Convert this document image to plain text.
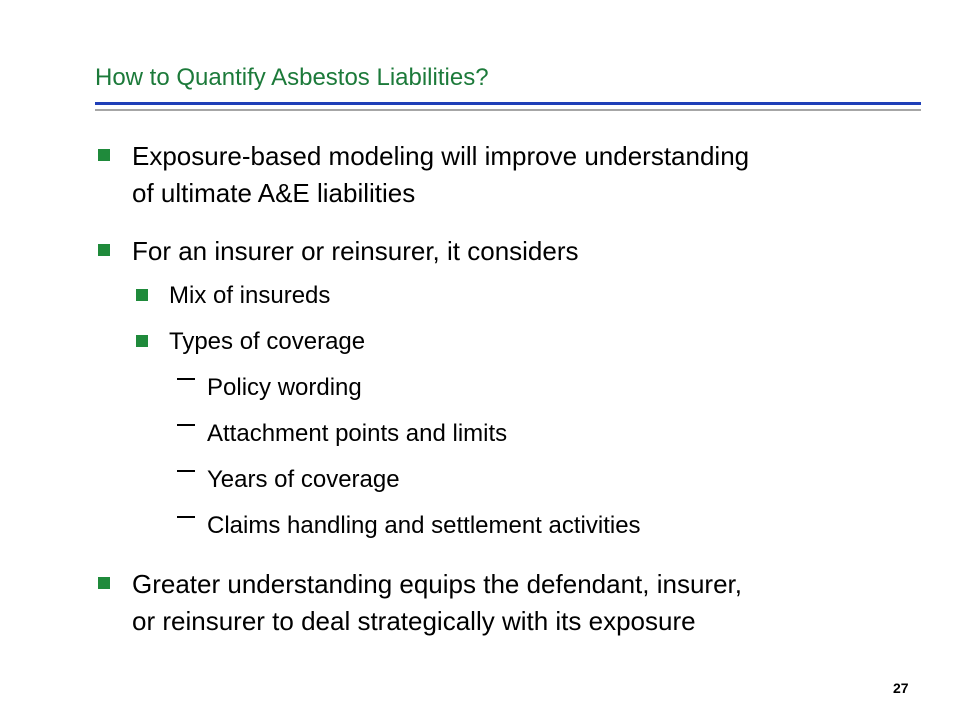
How to Quantify Asbestos Liabilities?
Exposure-based modeling will improve understanding
of ultimate A&E liabilities
For an insurer or reinsurer, it considers
Mix of insureds
Types of coverage
Policy wording
Attachment points and limits
Years of coverage
Claims handling and settlement activities
Greater understanding equips the defendant, insurer,
or reinsurer to deal strategically with its exposure
27
